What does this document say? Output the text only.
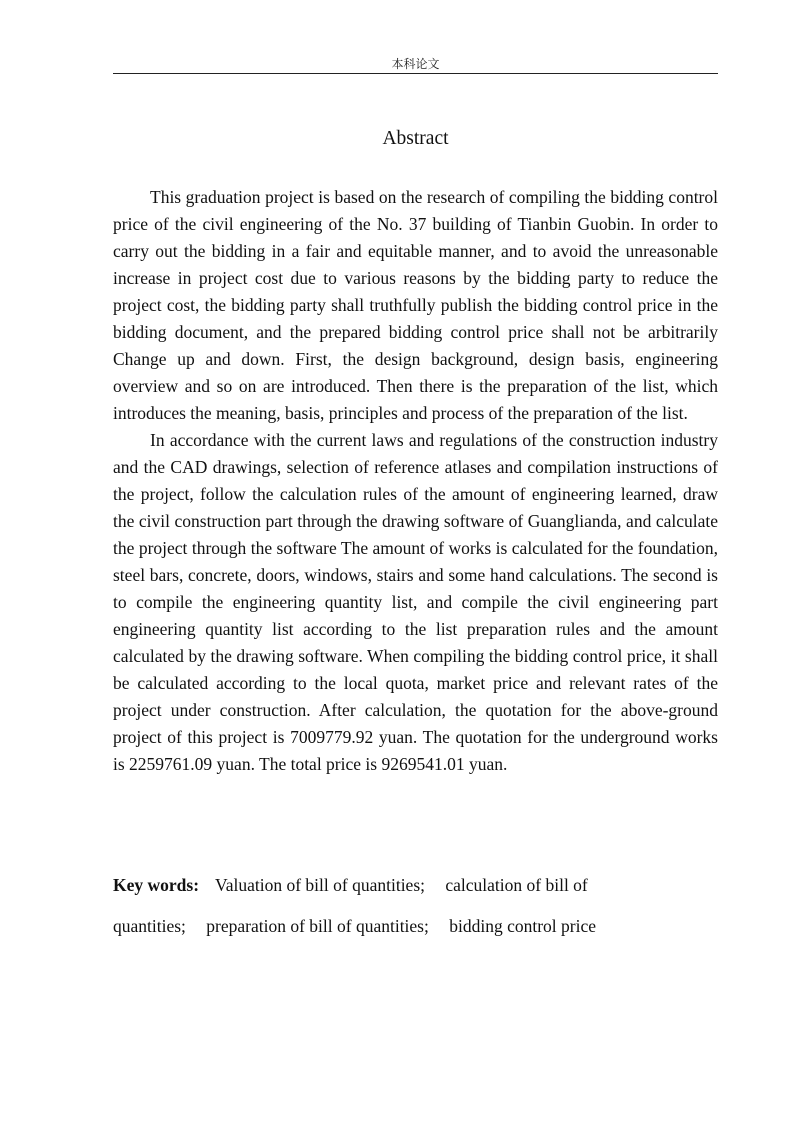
本科论文
Abstract

This graduation project is based on the research of compiling the bidding control price of the civil engineering of the No. 37 building of Tianbin Guobin. In order to carry out the bidding in a fair and equitable manner, and to avoid the unreasonable increase in project cost due to various reasons by the bidding party to reduce the project cost, the bidding party shall truthfully publish the bidding control price in the bidding document, and the prepared bidding control price shall not be arbitrarily Change up and down. First, the design background, design basis, engineering overview and so on are introduced. Then there is the preparation of the list, which introduces the meaning, basis, principles and process of the preparation of the list.

In accordance with the current laws and regulations of the construction industry and the CAD drawings, selection of reference atlases and compilation instructions of the project, follow the calculation rules of the amount of engineering learned, draw the civil construction part through the drawing software of Guanglianda, and calculate the project through the software The amount of works is calculated for the foundation, steel bars, concrete, doors, windows, stairs and some hand calculations. The second is to compile the engineering quantity list, and compile the civil engineering part engineering quantity list according to the list preparation rules and the amount calculated by the drawing software. When compiling the bidding control price, it shall be calculated according to the local quota, market price and relevant rates of the project under construction. After calculation, the quotation for the above-ground project of this project is 7009779.92 yuan. The quotation for the underground works is 2259761.09 yuan. The total price is 9269541.01 yuan.

Key words: Valuation of bill of quantities; calculation of bill of quantities; preparation of bill of quantities; bidding control price
